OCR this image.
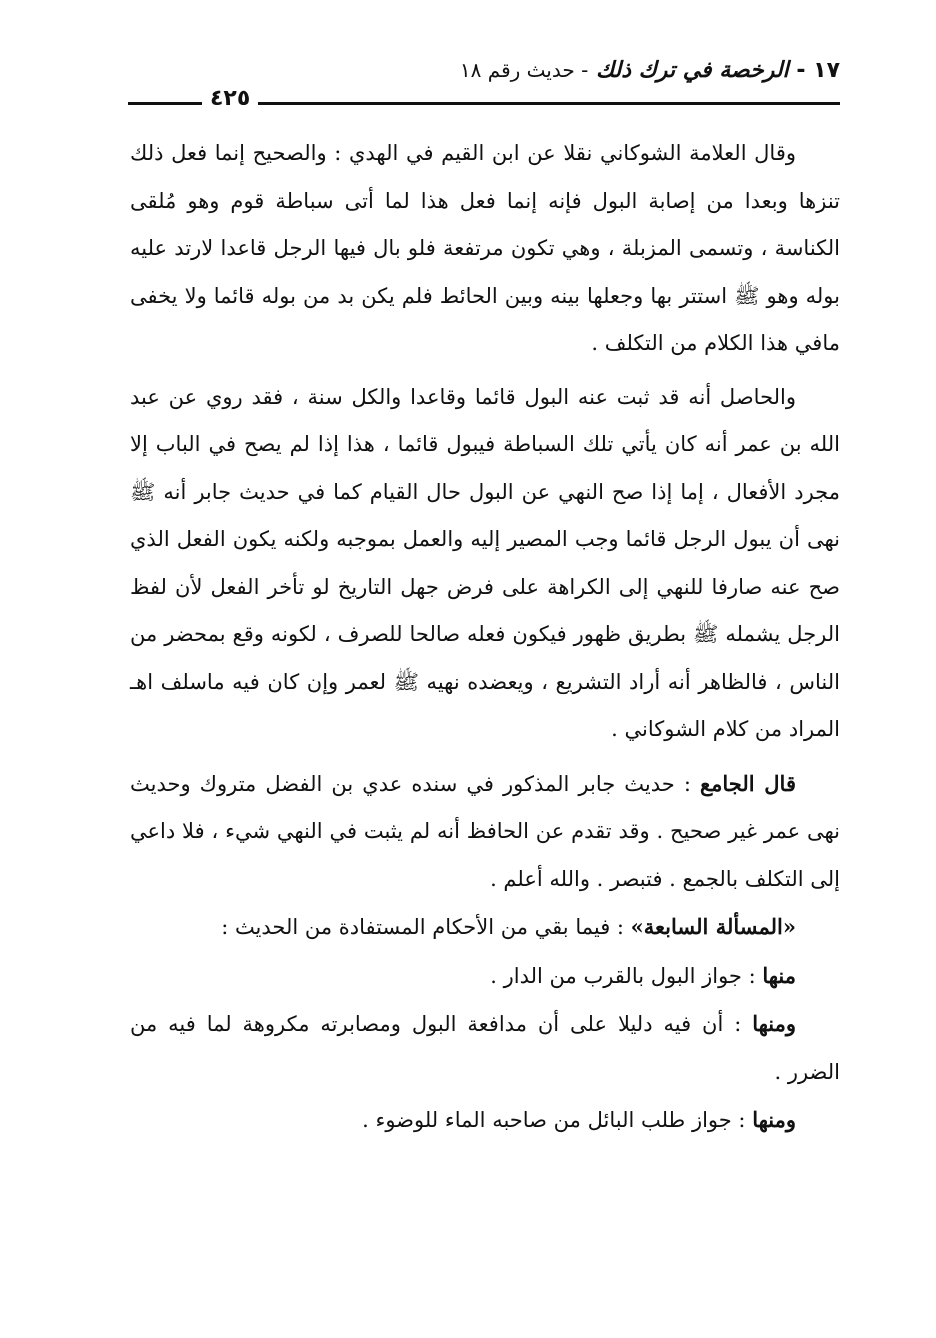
١٧ - الرخصة في ترك ذلك - حديث رقم ١٨
٤٢٥

وقال العلامة الشوكاني نقلا عن ابن القيم في الهدي : والصحيح إنما فعل ذلك تنزها وبعدا من إصابة البول فإنه إنما فعل هذا لما أتى سباطة قوم وهو مُلقى الكناسة ، وتسمى المزبلة ، وهي تكون مرتفعة فلو بال فيها الرجل قاعدا لارتد عليه بوله وهو ﷺ استتر بها وجعلها بينه وبين الحائط فلم يكن بد من بوله قائما ولا يخفى مافي هذا الكلام من التكلف .

والحاصل أنه قد ثبت عنه البول قائما وقاعدا والكل سنة ، فقد روي عن عبد الله بن عمر أنه كان يأتي تلك السباطة فيبول قائما ، هذا إذا لم يصح في الباب إلا مجرد الأفعال ، إما إذا صح النهي عن البول حال القيام كما في حديث جابر أنه ﷺ نهى أن يبول الرجل قائما وجب المصير إليه والعمل بموجبه ولكنه يكون الفعل الذي صح عنه صارفا للنهي إلى الكراهة على فرض جهل التاريخ لو تأخر الفعل لأن لفظ الرجل يشمله ﷺ بطريق ظهور فيكون فعله صالحا للصرف ، لكونه وقع بمحضر من الناس ، فالظاهر أنه أراد التشريع ، ويعضده نهيه ﷺ لعمر وإن كان فيه ماسلف اهـ المراد من كلام الشوكاني .

قال الجامع : حديث جابر المذكور في سنده عدي بن الفضل متروك وحديث نهى عمر غير صحيح . وقد تقدم عن الحافظ أنه لم يثبت في النهي شيء ، فلا داعي إلى التكلف بالجمع . فتبصر . والله أعلم .

«المسألة السابعة» : فيما بقي من الأحكام المستفادة من الحديث :

منها : جواز البول بالقرب من الدار .

ومنها : أن فيه دليلا على أن مدافعة البول ومصابرته مكروهة لما فيه من الضرر .

ومنها : جواز طلب البائل من صاحبه الماء للوضوء .
